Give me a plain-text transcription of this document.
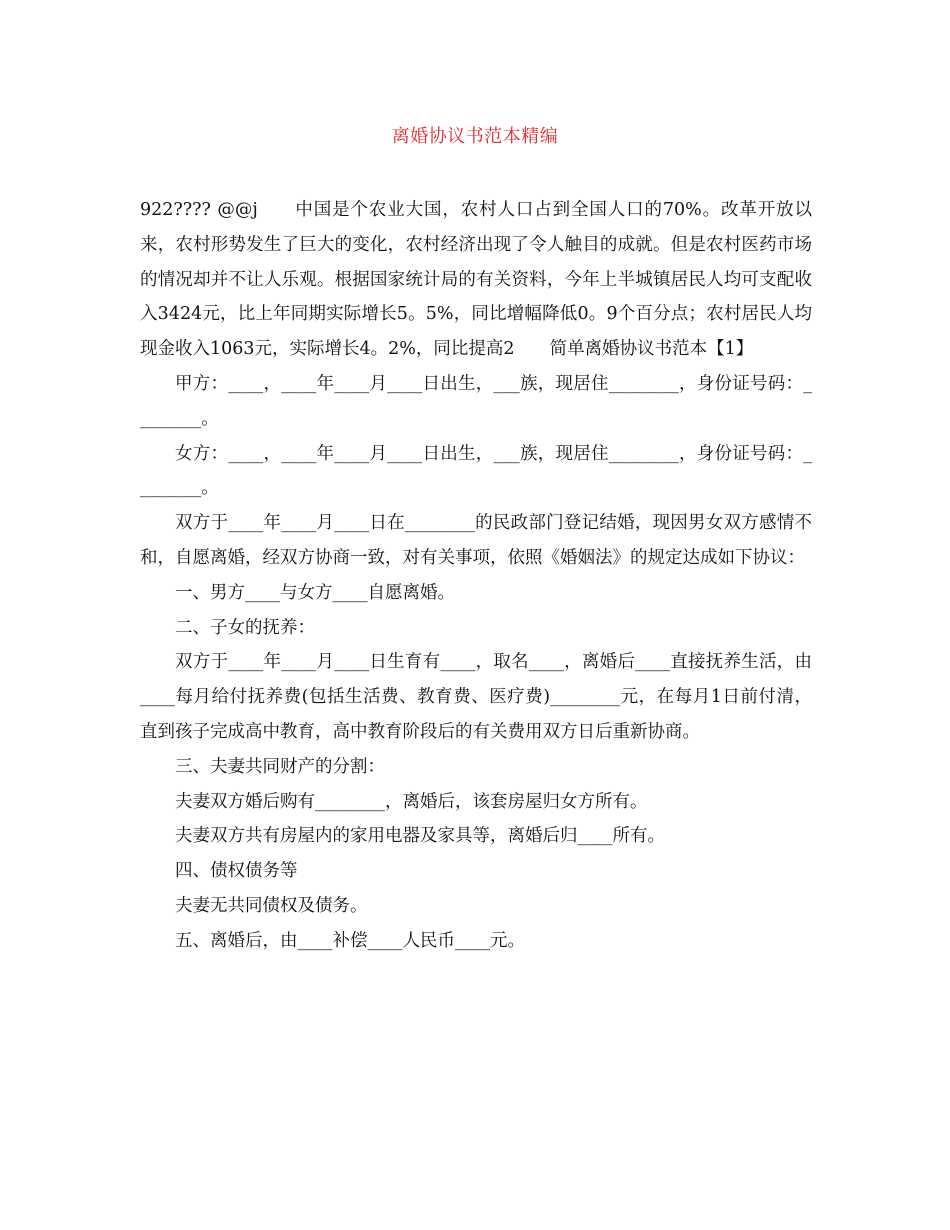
离婚协议书范本精编

922???? @@j　　中国是个农业大国，农村人口占到全国人口的70%。改革开放以来，农村形势发生了巨大的变化，农村经济出现了令人触目的成就。但是农村医药市场的情况却并不让人乐观。根据国家统计局的有关资料，今年上半城镇居民人均可支配收入3424元，比上年同期实际增长5。5%，同比增幅降低0。9个百分点；农村居民人均现金收入1063元，实际增长4。2%，同比提高2　　简单离婚协议书范本【1】

甲方：____，____年____月____日出生，___族，现居住________，身份证号码：________。

女方：____，____年____月____日出生，___族，现居住________，身份证号码：________。

双方于____年____月____日在________的民政部门登记结婚，现因男女双方感情不和，自愿离婚，经双方协商一致，对有关事项，依照《婚姻法》的规定达成如下协议：

一、男方____与女方____自愿离婚。

二、子女的抚养：

双方于____年____月____日生育有____，取名____，离婚后____直接抚养生活，由____每月给付抚养费(包括生活费、教育费、医疗费)________元，在每月1日前付清，直到孩子完成高中教育，高中教育阶段后的有关费用双方日后重新协商。

三、夫妻共同财产的分割：

夫妻双方婚后购有________，离婚后，该套房屋归女方所有。

夫妻双方共有房屋内的家用电器及家具等，离婚后归____所有。

四、债权债务等

夫妻无共同债权及债务。

五、离婚后，由____补偿____人民币____元。
